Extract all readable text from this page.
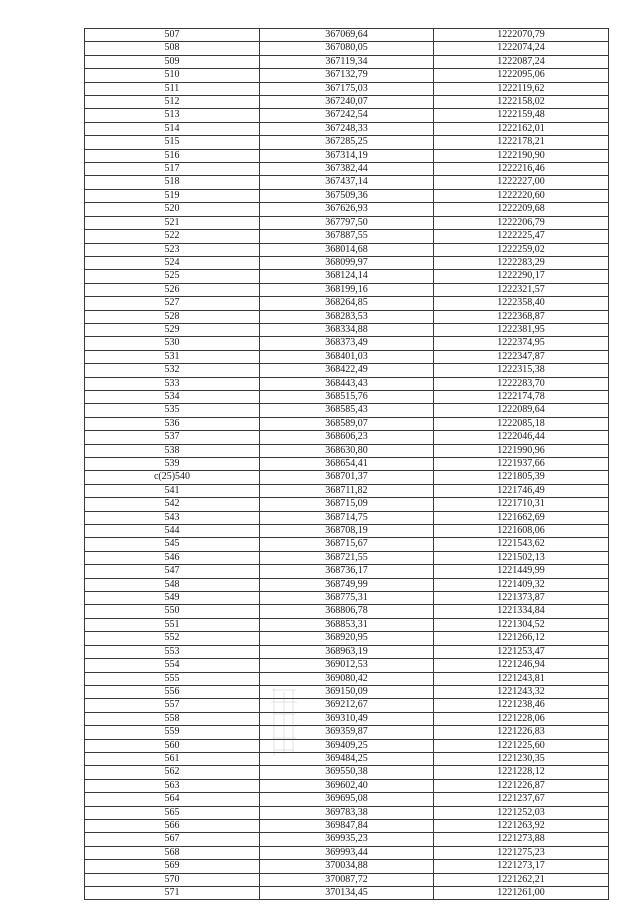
507	367069,64	1222070,79
508	367080,05	1222074,24
509	367119,34	1222087,24
510	367132,79	1222095,06
511	367175,03	1222119,62
512	367240,07	1222158,02
513	367242,54	1222159,48
514	367248,33	1222162,01
515	367285,25	1222178,21
516	367314,19	1222190,90
517	367382,44	1222216,46
518	367437,14	1222227,00
519	367509,36	1222220,60
520	367626,93	1222209,68
521	367797,50	1222206,79
522	367887,55	1222225,47
523	368014,68	1222259,02
524	368099,97	1222283,29
525	368124,14	1222290,17
526	368199,16	1222321,57
527	368264,85	1222358,40
528	368283,53	1222368,87
529	368334,88	1222381,95
530	368373,49	1222374,95
531	368401,03	1222347,87
532	368422,49	1222315,38
533	368443,43	1222283,70
534	368515,76	1222174,78
535	368585,43	1222089,64
536	368589,07	1222085,18
537	368606,23	1222046,44
538	368630,80	1221990,96
539	368654,41	1221937,66
с(25)540	368701,37	1221805,39
541	368711,82	1221746,49
542	368715,09	1221710,31
543	368714,75	1221662,69
544	368708,19	1221608,06
545	368715,67	1221543,62
546	368721,55	1221502,13
547	368736,17	1221449,99
548	368749,99	1221409,32
549	368775,31	1221373,87
550	368806,78	1221334,84
551	368853,31	1221304,52
552	368920,95	1221266,12
553	368963,19	1221253,47
554	369012,53	1221246,94
555	369080,42	1221243,81
556	369150,09	1221243,32
557	369212,67	1221238,46
558	369310,49	1221228,06
559	369359,87	1221226,83
560	369409,25	1221225,60
561	369484,25	1221230,35
562	369550,38	1221228,12
563	369602,40	1221226,87
564	369695,08	1221237,67
565	369783,38	1221252,03
566	369847,84	1221263,92
567	369935,23	1221273,88
568	369993,44	1221275,23
569	370034,88	1221273,17
570	370087,72	1221262,21
571	370134,45	1221261,00
